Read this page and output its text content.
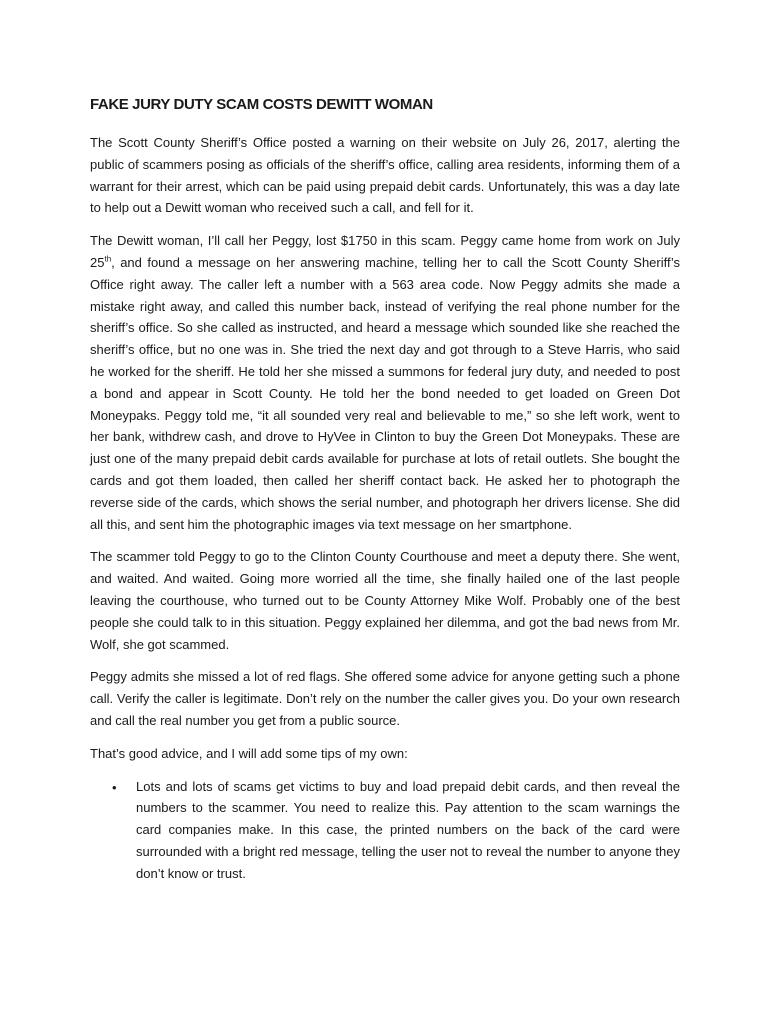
FAKE JURY DUTY SCAM COSTS DEWITT WOMAN

The Scott County Sheriff’s Office posted a warning on their website on July 26, 2017, alerting the public of scammers posing as officials of the sheriff’s office, calling area residents, informing them of a warrant for their arrest, which can be paid using prepaid debit cards. Unfortunately, this was a day late to help out a Dewitt woman who received such a call, and fell for it.

The Dewitt woman, I’ll call her Peggy, lost $1750 in this scam. Peggy came home from work on July 25th, and found a message on her answering machine, telling her to call the Scott County Sheriff’s Office right away. The caller left a number with a 563 area code. Now Peggy admits she made a mistake right away, and called this number back, instead of verifying the real phone number for the sheriff’s office. So she called as instructed, and heard a message which sounded like she reached the sheriff’s office, but no one was in. She tried the next day and got through to a Steve Harris, who said he worked for the sheriff. He told her she missed a summons for federal jury duty, and needed to post a bond and appear in Scott County. He told her the bond needed to get loaded on Green Dot Moneypaks. Peggy told me, “it all sounded very real and believable to me,” so she left work, went to her bank, withdrew cash, and drove to HyVee in Clinton to buy the Green Dot Moneypaks. These are just one of the many prepaid debit cards available for purchase at lots of retail outlets. She bought the cards and got them loaded, then called her sheriff contact back. He asked her to photograph the reverse side of the cards, which shows the serial number, and photograph her drivers license. She did all this, and sent him the photographic images via text message on her smartphone.

The scammer told Peggy to go to the Clinton County Courthouse and meet a deputy there. She went, and waited. And waited. Going more worried all the time, she finally hailed one of the last people leaving the courthouse, who turned out to be County Attorney Mike Wolf. Probably one of the best people she could talk to in this situation. Peggy explained her dilemma, and got the bad news from Mr. Wolf, she got scammed.

Peggy admits she missed a lot of red flags. She offered some advice for anyone getting such a phone call. Verify the caller is legitimate. Don’t rely on the number the caller gives you. Do your own research and call the real number you get from a public source.

That’s good advice, and I will add some tips of my own:

• Lots and lots of scams get victims to buy and load prepaid debit cards, and then reveal the numbers to the scammer. You need to realize this. Pay attention to the scam warnings the card companies make. In this case, the printed numbers on the back of the card were surrounded with a bright red message, telling the user not to reveal the number to anyone they don’t know or trust.
